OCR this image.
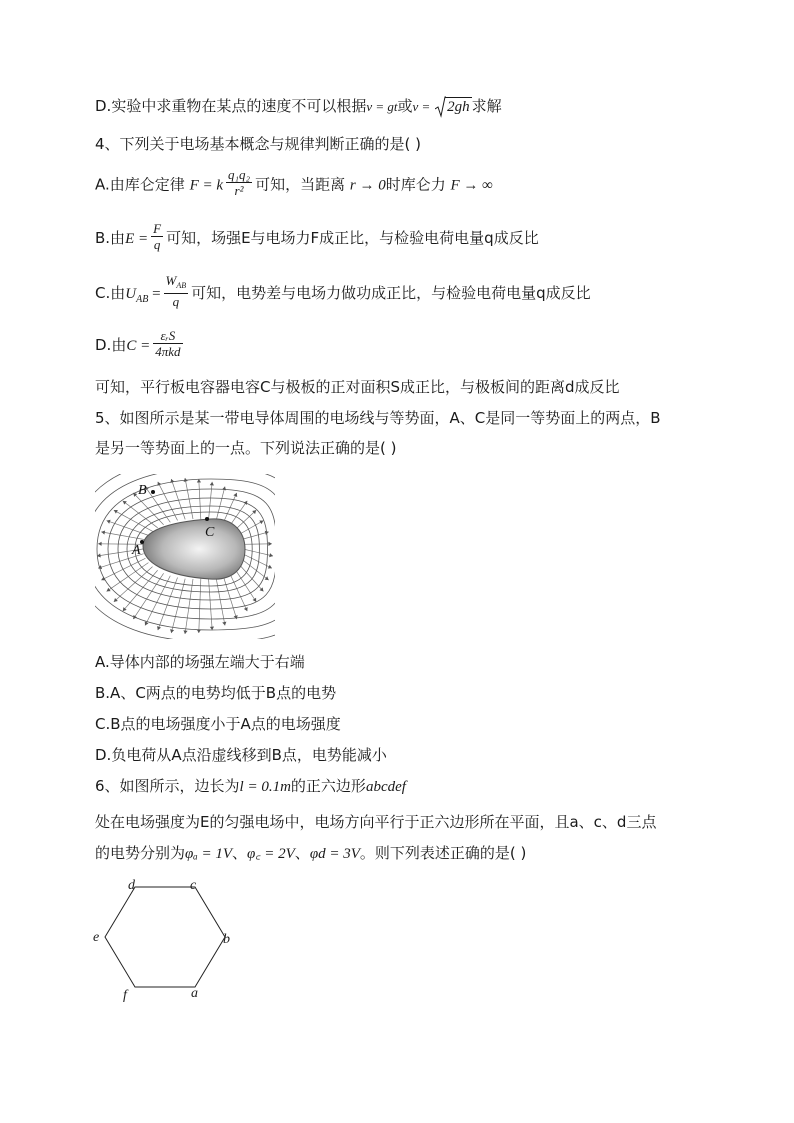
D.实验中求重物在某点的速度不可以根据v = gt或v = 2gh 求解
4、下列关于电场基本概念与规律判断正确的是( )
A.由库仑定律 F = k $\frac{\text{q₁q₂}}{\text{r²}}$ 可知，当距离 r → 0时库仑力 F → ∞
B.由$E = \frac{F}{q}$ 可知，场强E与电场力F成正比，与检验电荷电量q成反比
C.由$U_{AB} = \frac{W_{AB}}{q}$ 可知，电势差与电场力做功成正比，与检验电荷电量q成反比
D.由$C = \frac{\text{εᵣS}}{\text{4πkd}}$
可知，平行板电容器电容C与极板的正对面积S成正比，与极板间的距离d成反比
5、如图所示是某一带电导体周围的电场线与等势面，A、C是同一等势面上的两点，B
是另一等势面上的一点。下列说法正确的是( )
A
B
C
A.导体内部的场强左端大于右端
B.A、C两点的电势均低于B点的电势
C.B点的电场强度小于A点的电场强度
D.负电荷从A点沿虚线移到B点，电势能减小
6、如图所示，边长为l = 0.1m的正六边形abcdef
处在电场强度为E的匀强电场中，电场方向平行于正六边形所在平面，且a、c、d三点
的电势分别为φₐ = 1V、φ꜀ = 2V、φd = 3V。则下列表述正确的是( )
d	c
e	b
f	a
